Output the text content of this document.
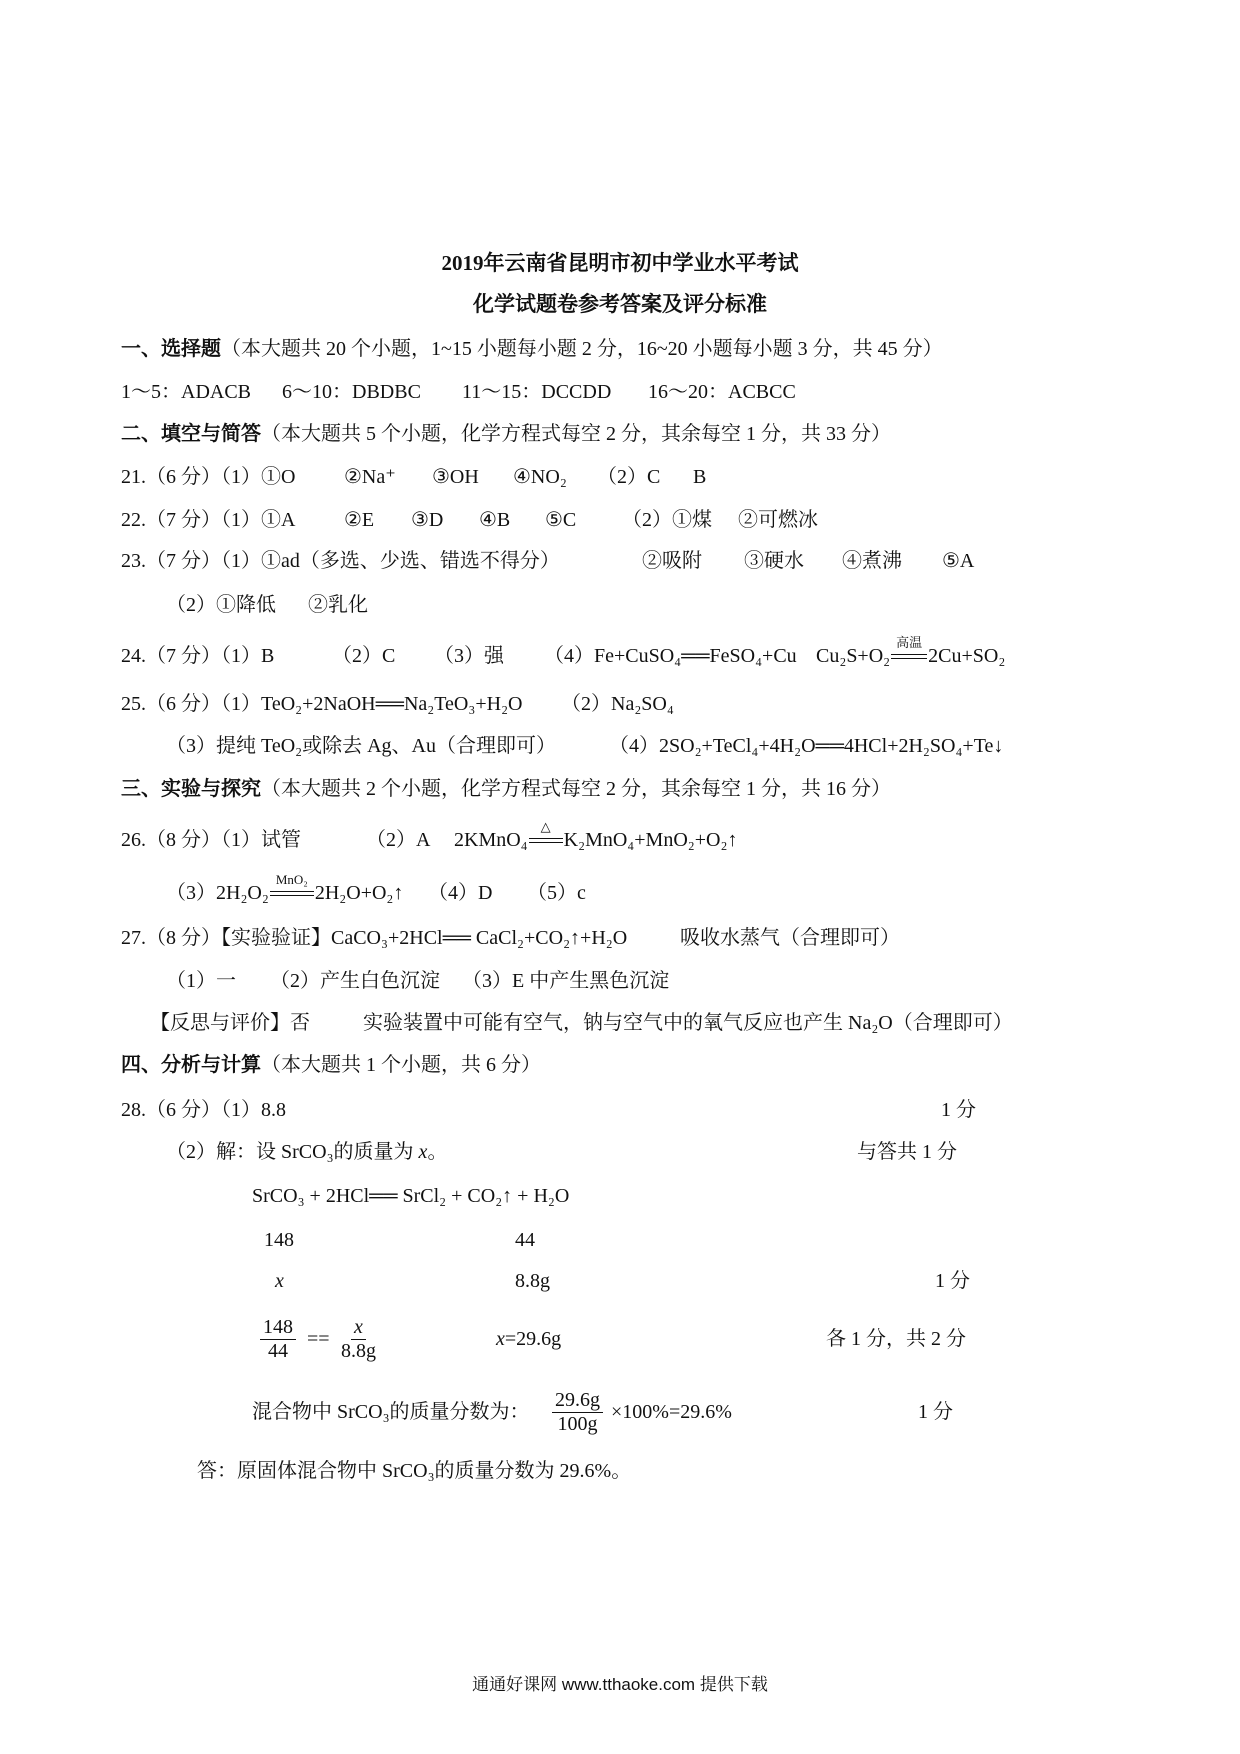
2019年云南省昆明市初中学业水平考试
化学试题卷参考答案及评分标准
一、选择题（本大题共 20 个小题，1~15 小题每小题 2 分，16~20 小题每小题 3 分，共 45 分）
1～5：ADACB 6～10：DBDBC 11～15：DCCDD 16～20：ACBCC
二、填空与简答（本大题共 5 个小题，化学方程式每空 2 分，其余每空 1 分，共 33 分）
21.（6 分）（1）①O ②Na⁺ ③OH ④NO₂ （2）C B
22.（7 分）（1）①A ②E ③D ④B ⑤C （2）①煤 ②可燃冰
23.（7 分）（1）①ad（多选、少选、错选不得分）	②吸附 ③硬水 ④煮沸 ⑤A
（2）①降低 ②乳化
24.（7 分）（1）B	（2）C （3）强 （4）Fe+CuSO₄══FeSO₄+Cu Cu₂S+O₂
高温
2Cu+SO₂
25.（6 分）（1）TeO₂+2NaOH══Na₂TeO₃+H₂O （2）Na₂SO₄
（3）提纯 TeO₂或除去 Ag、Au（合理即可）	（4）2SO₂+TeCl₄+4H₂O══4HCl+2H₂SO₄+Te↓
三、实验与探究（本大题共 2 个小题，化学方程式每空 2 分，其余每空 1 分，共 16 分）
26.（8 分）（1）试管	（2）A 2KMnO₄
△
K₂MnO₄+MnO₂+O₂↑
（3）2H₂O₂
MnO₂
2H₂O+O₂↑ （4）D （5）c
27.（8 分）【实验验证】CaCO₃+2HCl══ CaCl₂+CO₂↑+H₂O	吸收水蒸气（合理即可）
（1）一 （2）产生白色沉淀 （3）E 中产生黑色沉淀
【反思与评价】否	实验装置中可能有空气，钠与空气中的氧气反应也产生 Na₂O（合理即可）
四、分析与计算（本大题共 1 个小题，共 6 分）
28.（6 分）（1）8.8	1 分
（2）解：设 SrCO₃的质量为 x。	与答共 1 分
SrCO₃ + 2HCl══ SrCl₂ + CO₂↑ + H₂O
148	44
x	8.8g	1 分
$\frac{148}{44} == \frac{x}{8.8g}$	x=29.6g	各 1 分，共 2 分
混合物中 SrCO₃的质量分数为： $\frac{29.6g}{100g} \times 100\%=29.6\%$	1 分
答：原固体混合物中 SrCO₃的质量分数为 29.6%。
通通好课网 www.tthaoke.com 提供下载
